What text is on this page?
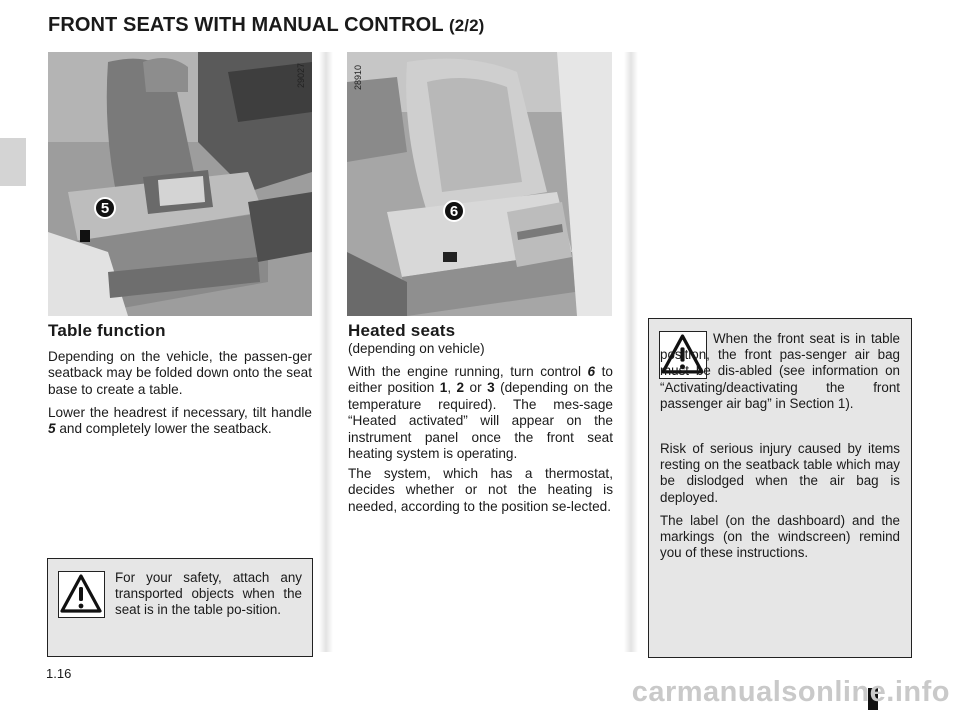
FRONT SEATS WITH MANUAL CONTROL (2/2)
29027
5
28910
6
Table function
Depending on the vehicle, the passen-ger seatback may be folded down onto the seat base to create a table.
Lower the headrest if necessary, tilt handle 5 and completely lower the seatback.
Heated seats
(depending on vehicle)
With the engine running, turn control 6 to either position 1, 2 or 3 (depending on the temperature required). The mes-sage “Heated activated” will appear on the instrument panel once the front seat heating system is operating.
The system, which has a thermostat, decides whether or not the heating is needed, according to the position se-lected.
For your safety, attach any transported objects when the seat is in the table po-sition.
When the front seat is in table position, the front pas-senger air bag must be dis-abled (see information on “Activating/deactivating the front passenger air bag” in Section 1).
Risk of serious injury caused by items resting on the seatback table which may be dislodged when the air bag is deployed.
The label (on the dashboard) and the markings (on the windscreen) remind you of these instructions.
1.16
carmanualsonline.info
